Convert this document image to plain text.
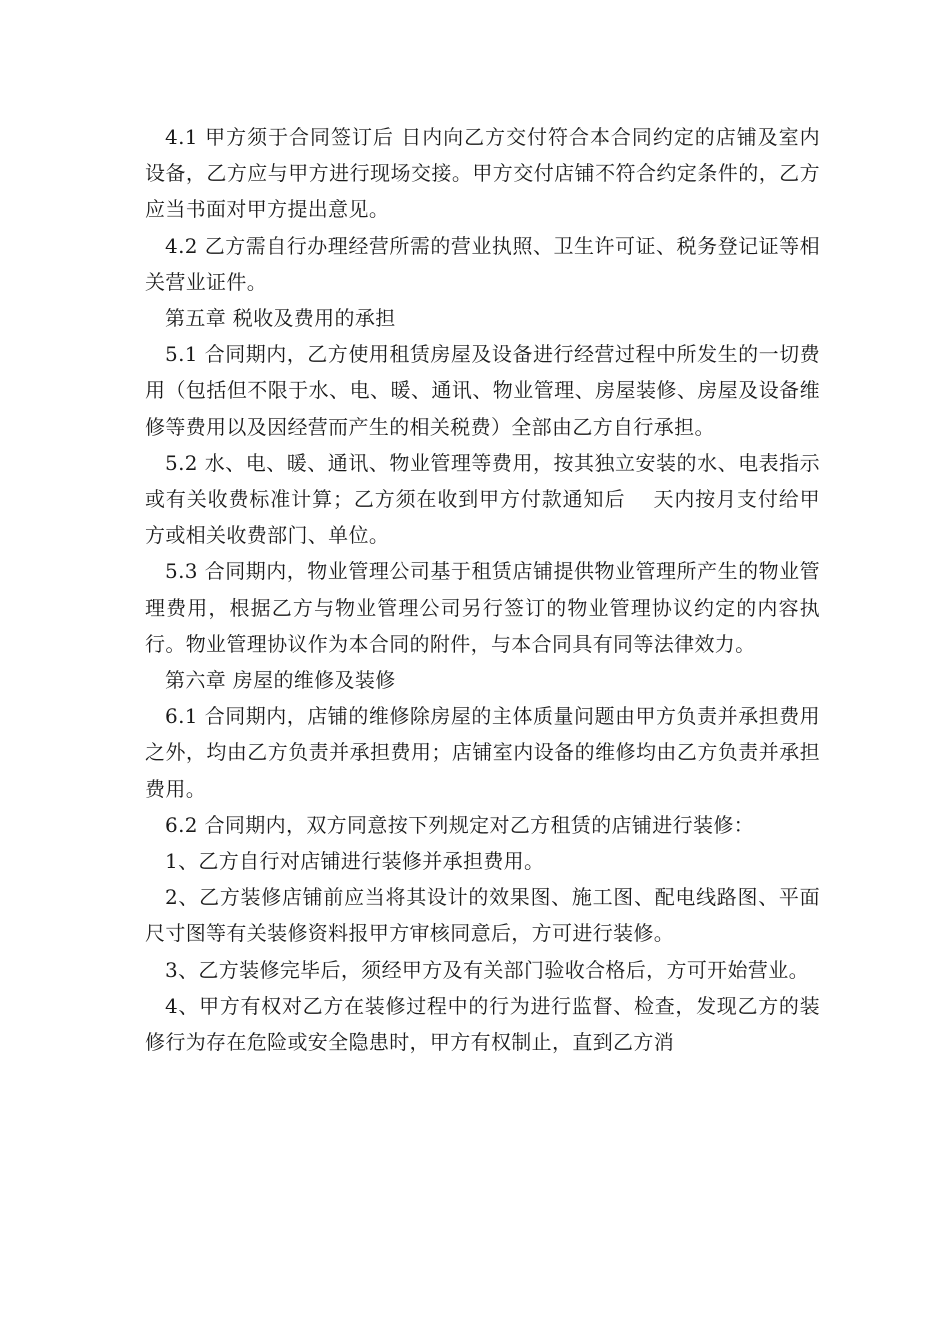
4.1 甲方须于合同签订后 日内向乙方交付符合本合同约定的店铺及室内设备，乙方应与甲方进行现场交接。甲方交付店铺不符合约定条件的，乙方应当书面对甲方提出意见。

4.2 乙方需自行办理经营所需的营业执照、卫生许可证、税务登记证等相关营业证件。

第五章 税收及费用的承担

5.1 合同期内，乙方使用租赁房屋及设备进行经营过程中所发生的一切费用（包括但不限于水、电、暖、通讯、物业管理、房屋装修、房屋及设备维修等费用以及因经营而产生的相关税费）全部由乙方自行承担。

5.2 水、电、暖、通讯、物业管理等费用，按其独立安装的水、电表指示或有关收费标准计算；乙方须在收到甲方付款通知后　 天内按月支付给甲方或相关收费部门、单位。

5.3 合同期内，物业管理公司基于租赁店铺提供物业管理所产生的物业管理费用，根据乙方与物业管理公司另行签订的物业管理协议约定的内容执行。物业管理协议作为本合同的附件，与本合同具有同等法律效力。

第六章 房屋的维修及装修

6.1 合同期内，店铺的维修除房屋的主体质量问题由甲方负责并承担费用之外，均由乙方负责并承担费用；店铺室内设备的维修均由乙方负责并承担费用。

6.2 合同期内，双方同意按下列规定对乙方租赁的店铺进行装修：

1、乙方自行对店铺进行装修并承担费用。

2、乙方装修店铺前应当将其设计的效果图、施工图、配电线路图、平面尺寸图等有关装修资料报甲方审核同意后，方可进行装修。

3、乙方装修完毕后，须经甲方及有关部门验收合格后，方可开始营业。

4、甲方有权对乙方在装修过程中的行为进行监督、检查，发现乙方的装修行为存在危险或安全隐患时，甲方有权制止，直到乙方消
